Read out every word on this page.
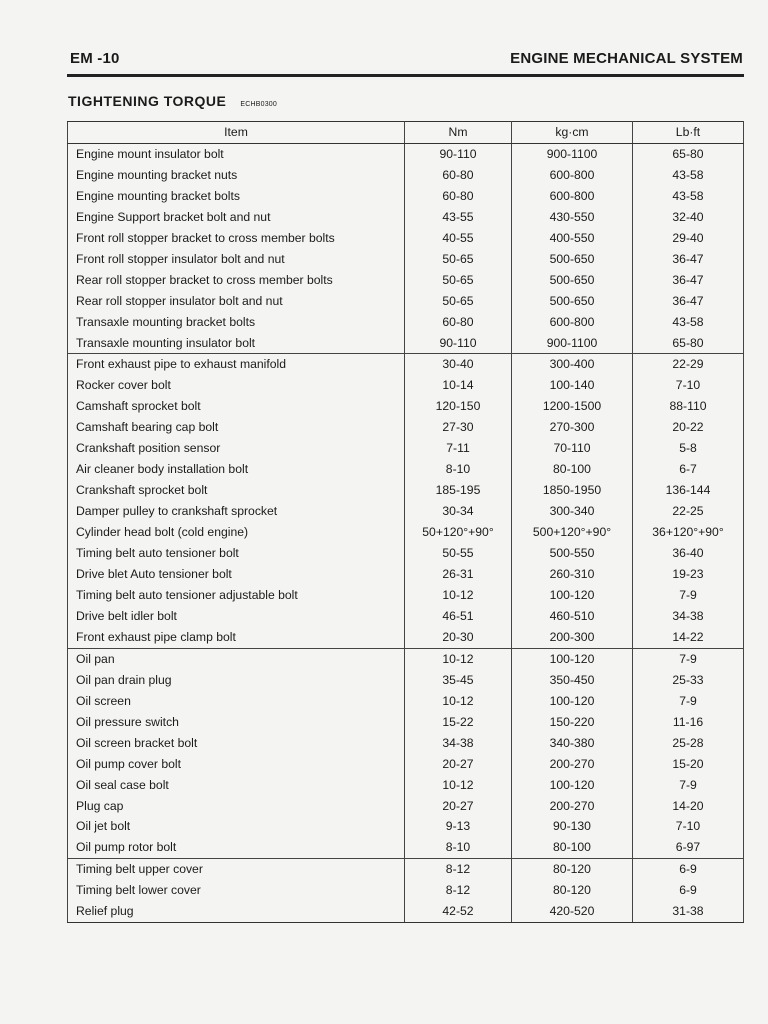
EM -10	ENGINE MECHANICAL SYSTEM
TIGHTENING TORQUE ECHB0300
Item	Nm	kg·cm	Lb·ft
Engine mount insulator bolt	90-110	900-1100	65-80
Engine mounting bracket nuts	60-80	600-800	43-58
Engine mounting bracket bolts	60-80	600-800	43-58
Engine Support bracket bolt and nut	43-55	430-550	32-40
Front roll stopper bracket to cross member bolts	40-55	400-550	29-40
Front roll stopper insulator bolt and nut	50-65	500-650	36-47
Rear roll stopper bracket to cross member bolts	50-65	500-650	36-47
Rear roll stopper insulator bolt and nut	50-65	500-650	36-47
Transaxle mounting bracket bolts	60-80	600-800	43-58
Transaxle mounting insulator bolt	90-110	900-1100	65-80
Front exhaust pipe to exhaust manifold	30-40	300-400	22-29
Rocker cover bolt	10-14	100-140	7-10
Camshaft sprocket bolt	120-150	1200-1500	88-110
Camshaft bearing cap bolt	27-30	270-300	20-22
Crankshaft position sensor	7-11	70-110	5-8
Air cleaner body installation bolt	8-10	80-100	6-7
Crankshaft sprocket bolt	185-195	1850-1950	136-144
Damper pulley to crankshaft sprocket	30-34	300-340	22-25
Cylinder head bolt (cold engine)	50+120°+90°	500+120°+90°	36+120°+90°
Timing belt auto tensioner bolt	50-55	500-550	36-40
Drive blet Auto tensioner bolt	26-31	260-310	19-23
Timing belt auto tensioner adjustable bolt	10-12	100-120	7-9
Drive belt idler bolt	46-51	460-510	34-38
Front exhaust pipe clamp bolt	20-30	200-300	14-22
Oil pan	10-12	100-120	7-9
Oil pan drain plug	35-45	350-450	25-33
Oil screen	10-12	100-120	7-9
Oil pressure switch	15-22	150-220	11-16
Oil screen bracket bolt	34-38	340-380	25-28
Oil pump cover bolt	20-27	200-270	15-20
Oil seal case bolt	10-12	100-120	7-9
Plug cap	20-27	200-270	14-20
Oil jet bolt	9-13	90-130	7-10
Oil pump rotor bolt	8-10	80-100	6-97
Timing belt upper cover	8-12	80-120	6-9
Timing belt lower cover	8-12	80-120	6-9
Relief plug	42-52	420-520	31-38
